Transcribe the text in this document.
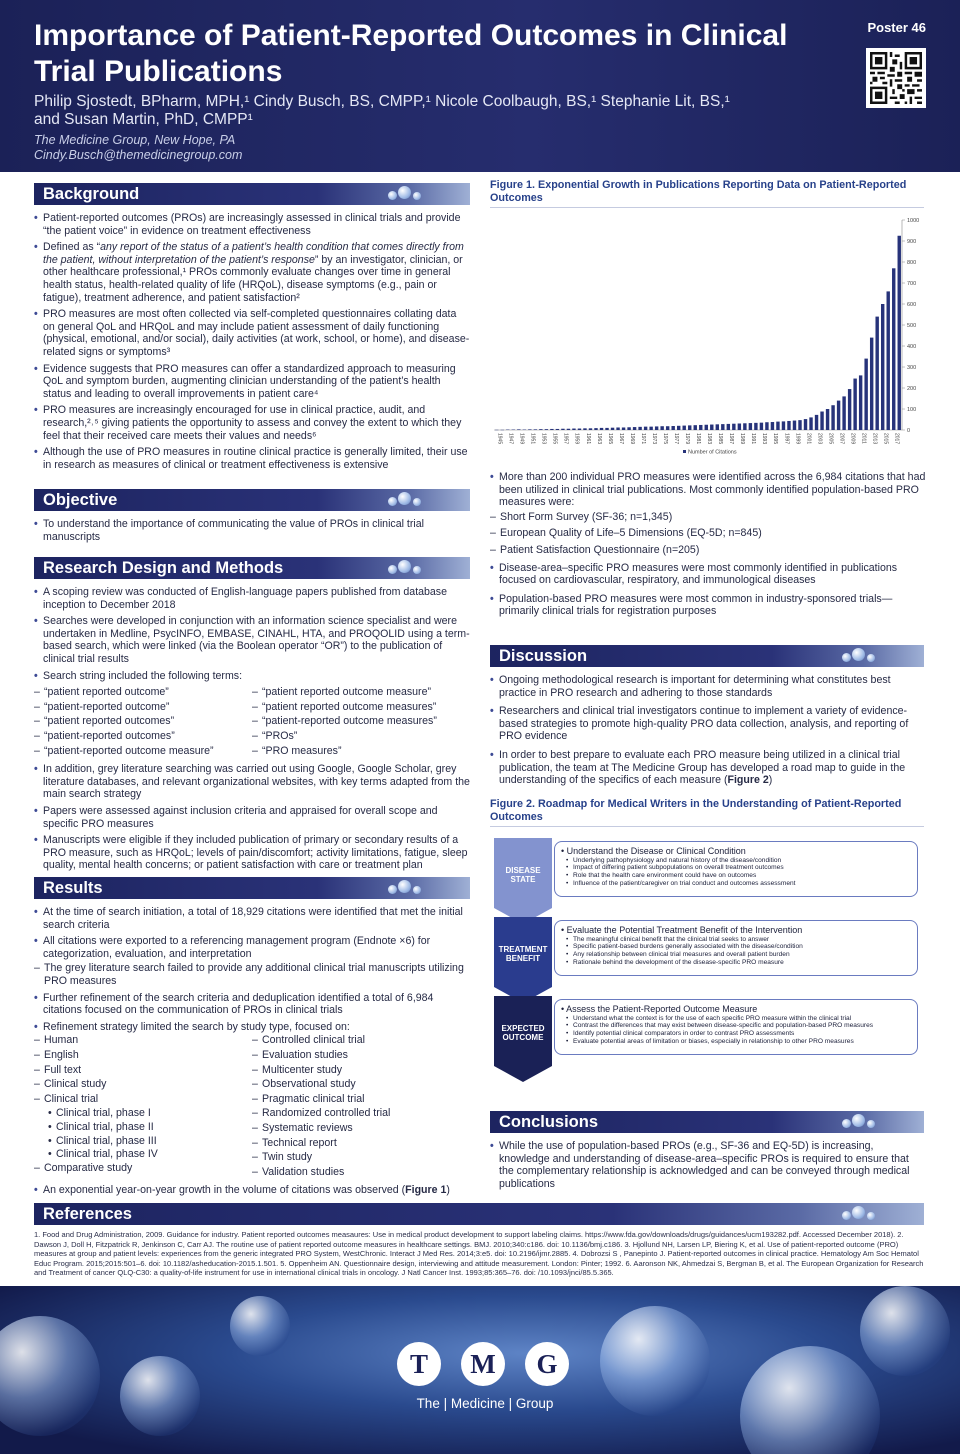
Importance of Patient-Reported Outcomes in Clinical Trial Publications
Philip Sjostedt, BPharm, MPH,¹ Cindy Busch, BS, CMPP,¹ Nicole Coolbaugh, BS,¹ Stephanie Lit, BS,¹
and Susan Martin, PhD, CMPP¹
The Medicine Group, New Hope, PA
Cindy.Busch@themedicinegroup.com
Poster 46
Background
• Patient-reported outcomes (PROs) are increasingly assessed in clinical trials and provide “the patient voice” in evidence on treatment effectiveness
• Defined as “any report of the status of a patient’s health condition that comes directly from the patient, without interpretation of the patient’s response” by an investigator, clinician, or other healthcare professional,¹ PROs commonly evaluate changes over time in general health status, health-related quality of life (HRQoL), disease symptoms (e.g., pain or fatigue), treatment adherence, and patient satisfaction²
• PRO measures are most often collected via self-completed questionnaires collating data on general QoL and HRQoL and may include patient assessment of daily functioning (physical, emotional, and/or social), daily activities (at work, school, or home), and disease-related signs or symptoms³
• Evidence suggests that PRO measures can offer a standardized approach to measuring QoL and symptom burden, augmenting clinician understanding of the patient’s health status and leading to overall improvements in patient care⁴
• PRO measures are increasingly encouraged for use in clinical practice, audit, and research,²˒⁵ giving patients the opportunity to assess and convey the extent to which they feel that their received care meets their values and needs⁶
• Although the use of PRO measures in routine clinical practice is generally limited, their use in research as measures of clinical or treatment effectiveness is extensive
Objective
• To understand the importance of communicating the value of PROs in clinical trial manuscripts
Research Design and Methods
• A scoping review was conducted of English-language papers published from database inception to December 2018
• Searches were developed in conjunction with an information science specialist and were undertaken in Medline, PsycINFO, EMBASE, CINAHL, HTA, and PROQOLID using a term-based search, which were linked (via the Boolean operator “OR”) to the publication of clinical trial results
• Search string included the following terms:
– “patient reported outcome”
– “patient-reported outcome”
– “patient reported outcomes”
– “patient-reported outcomes”
– “patient-reported outcome measure”
– “patient reported outcome measure”
– “patient reported outcome measures”
– “patient-reported outcome measures”
– “PROs”
– “PRO measures”
• In addition, grey literature searching was carried out using Google, Google Scholar, grey literature databases, and relevant organizational websites, with key terms adapted from the main search strategy
• Papers were assessed against inclusion criteria and appraised for overall scope and specific PRO measures
• Manuscripts were eligible if they included publication of primary or secondary results of a PRO measure, such as HRQoL; levels of pain/discomfort; activity limitations, fatigue, sleep quality, mental health concerns; or patient satisfaction with care or treatment plan
Results
• At the time of search initiation, a total of 18,929 citations were identified that met the initial search criteria
• All citations were exported to a referencing management program (Endnote ×6) for categorization, evaluation, and interpretation
– The grey literature search failed to provide any additional clinical trial manuscripts utilizing PRO measures
• Further refinement of the search criteria and deduplication identified a total of 6,984 citations focused on the communication of PROs in clinical trials
• Refinement strategy limited the search by study type, focused on:
– Human
– English
– Full text
– Clinical study
– Clinical trial
• Clinical trial, phase I
• Clinical trial, phase II
• Clinical trial, phase III
• Clinical trial, phase IV
– Comparative study
– Controlled clinical trial
– Evaluation studies
– Multicenter study
– Observational study
– Pragmatic clinical trial
– Randomized controlled trial
– Systematic reviews
– Technical report
– Twin study
– Validation studies
• An exponential year-on-year growth in the volume of citations was observed (Figure 1)
Figure 1. Exponential Growth in Publications Reporting Data on Patient-Reported Outcomes
0
100
200
300
400
500
600
700
800
900
1000
1945 1947 1949 1951 1953 1955 1957 1959 1961 1963 1965 1967 1969 1971 1973 1975 1977 1979 1981 1983 1985 1987 1989 1991 1993 1995 1997 1999 2001 2003 2005 2007 2009 2011 2013 2015 2017
Number of Citations
• More than 200 individual PRO measures were identified across the 6,984 citations that had been utilized in clinical trial publications. Most commonly identified population-based PRO measures were:
– Short Form Survey (SF-36; n=1,345)
– European Quality of Life–5 Dimensions (EQ-5D; n=845)
– Patient Satisfaction Questionnaire (n=205)
• Disease-area–specific PRO measures were most commonly identified in publications focused on cardiovascular, respiratory, and immunological diseases
• Population-based PRO measures were most common in industry-sponsored trials—primarily clinical trials for registration purposes
Discussion
• Ongoing methodological research is important for determining what constitutes best practice in PRO research and adhering to those standards
• Researchers and clinical trial investigators continue to implement a variety of evidence-based strategies to promote high-quality PRO data collection, analysis, and reporting of PRO evidence
• In order to best prepare to evaluate each PRO measure being utilized in a clinical trial publication, the team at The Medicine Group has developed a road map to guide in the understanding of the specifics of each measure (Figure 2)
Figure 2. Roadmap for Medical Writers in the Understanding of Patient-Reported Outcomes
DISEASE STATE
• Understand the Disease or Clinical Condition
• Underlying pathophysiology and natural history of the disease/condition
• Impact of differing patient subpopulations on overall treatment outcomes
• Role that the health care environment could have on outcomes
• Influence of the patient/caregiver on trial conduct and outcomes assessment
TREATMENT BENEFIT
• Evaluate the Potential Treatment Benefit of the Intervention
• The meaningful clinical benefit that the clinical trial seeks to answer
• Specific patient-based burdens generally associated with the disease/condition
• Any relationship between clinical trial measures and overall patient burden
• Rationale behind the development of the disease-specific PRO measure
EXPECTED OUTCOME
• Assess the Patient-Reported Outcome Measure
• Understand what the context is for the use of each specific PRO measure within the clinical trial
• Contrast the differences that may exist between disease-specific and population-based PRO measures
• Identify potential clinical comparators in order to contrast PRO assessments
• Evaluate potential areas of limitation or biases, especially in relationship to other PRO measures
Conclusions
• While the use of population-based PROs (e.g., SF-36 and EQ-5D) is increasing, knowledge and understanding of disease-area–specific PROs is required to ensure that the complementary relationship is acknowledged and can be conveyed through medical publications
References
1. Food and Drug Administration, 2009. Guidance for industry. Patient reported outcomes measaures: Use in medical product development to support labeling claims. https://www.fda.gov/downloads/drugs/guidances/ucm193282.pdf. Accessed December 2018). 2. Dawson J, Doll H, Fitzpatrick R, Jenkinson C, Carr AJ. The routine use of patient reported outcome measures in healthcare settings. BMJ. 2010;340:c186. doi: 10.1136/bmj.c186. 3. Hjollund NH, Larsen LP, Biering K, et al. Use of patient-reported outcome (PRO) measures at group and patient levels: experiences from the generic integrated PRO System, WestChronic. Interact J Med Res. 2014;3:e5. doi: 10.2196/ijmr.2885. 4. Dobrozsi S , Panepinto J. Patient-reported outcomes in clinical practice. Hematology Am Soc Hematol Educ Program. 2015;2015:501–6. doi: 10.1182/asheducation-2015.1.501. 5. Oppenheim AN. Questionnaire design, interviewing and attitude measurement. London: Pinter; 1992. 6. Aaronson NK, Ahmedzai S, Bergman B, et al. The European Organization for Research and Treatment of cancer QLQ-C30: a quality-of-life instrument for use in international clinical trials in oncology. J Natl Cancer Inst. 1993;85:365–76. doi: /10.1093/jnci/85.5.365.
T	M	G
The | Medicine | Group
